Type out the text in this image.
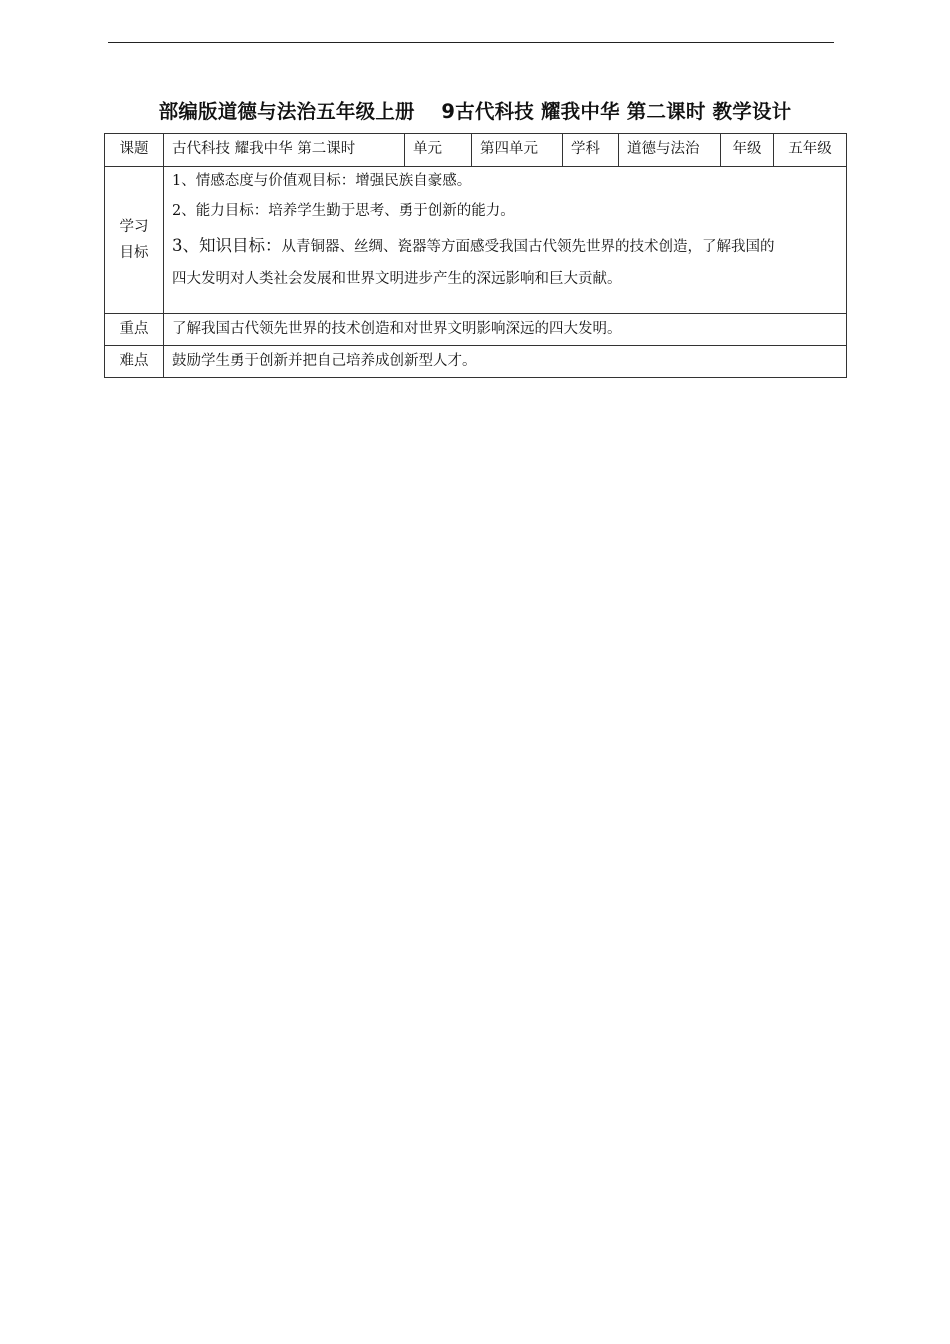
部编版道德与法治五年级上册　 9古代科技 耀我中华 第二课时 教学设计
课题	古代科技 耀我中华 第二课时	单元	第四单元	学科	道德与法治	年级	五年级

学习
目标	1、情感态度与价值观目标：增强民族自豪感。
2、能力目标：培养学生勤于思考、勇于创新的能力。
3、知识目标：从青铜器、丝绸、瓷器等方面感受我国古代领先世界的技术创造，了解我国的
四大发明对人类社会发展和世界文明进步产生的深远影响和巨大贡献。						

重点	了解我国古代领先世界的技术创造和对世界文明影响深远的四大发明。						
难点	鼓励学生勇于创新并把自己培养成创新型人才。						
